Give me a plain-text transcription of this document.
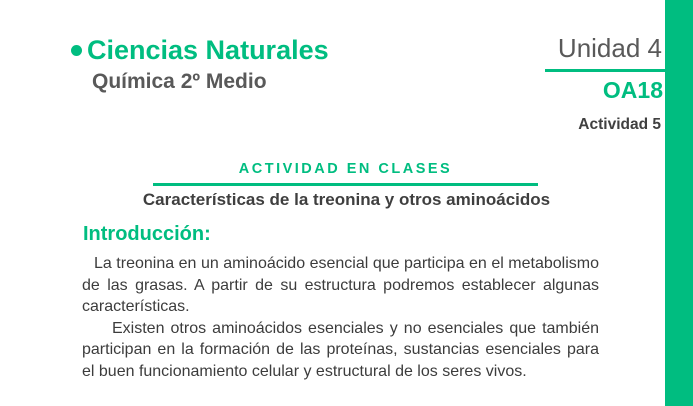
Ciencias Naturales
Química 2º Medio
Unidad 4
OA18
Actividad 5
ACTIVIDAD EN CLASES
Características de la treonina y otros aminoácidos
Introducción:

La treonina en un aminoácido esencial que participa en el metabolismo de las grasas. A partir de su estructura podremos establecer algunas características.

Existen otros aminoácidos esenciales y no esenciales que también participan en la formación de las proteínas, sustancias esenciales para el buen funcionamiento celular y estructural de los seres vivos.
